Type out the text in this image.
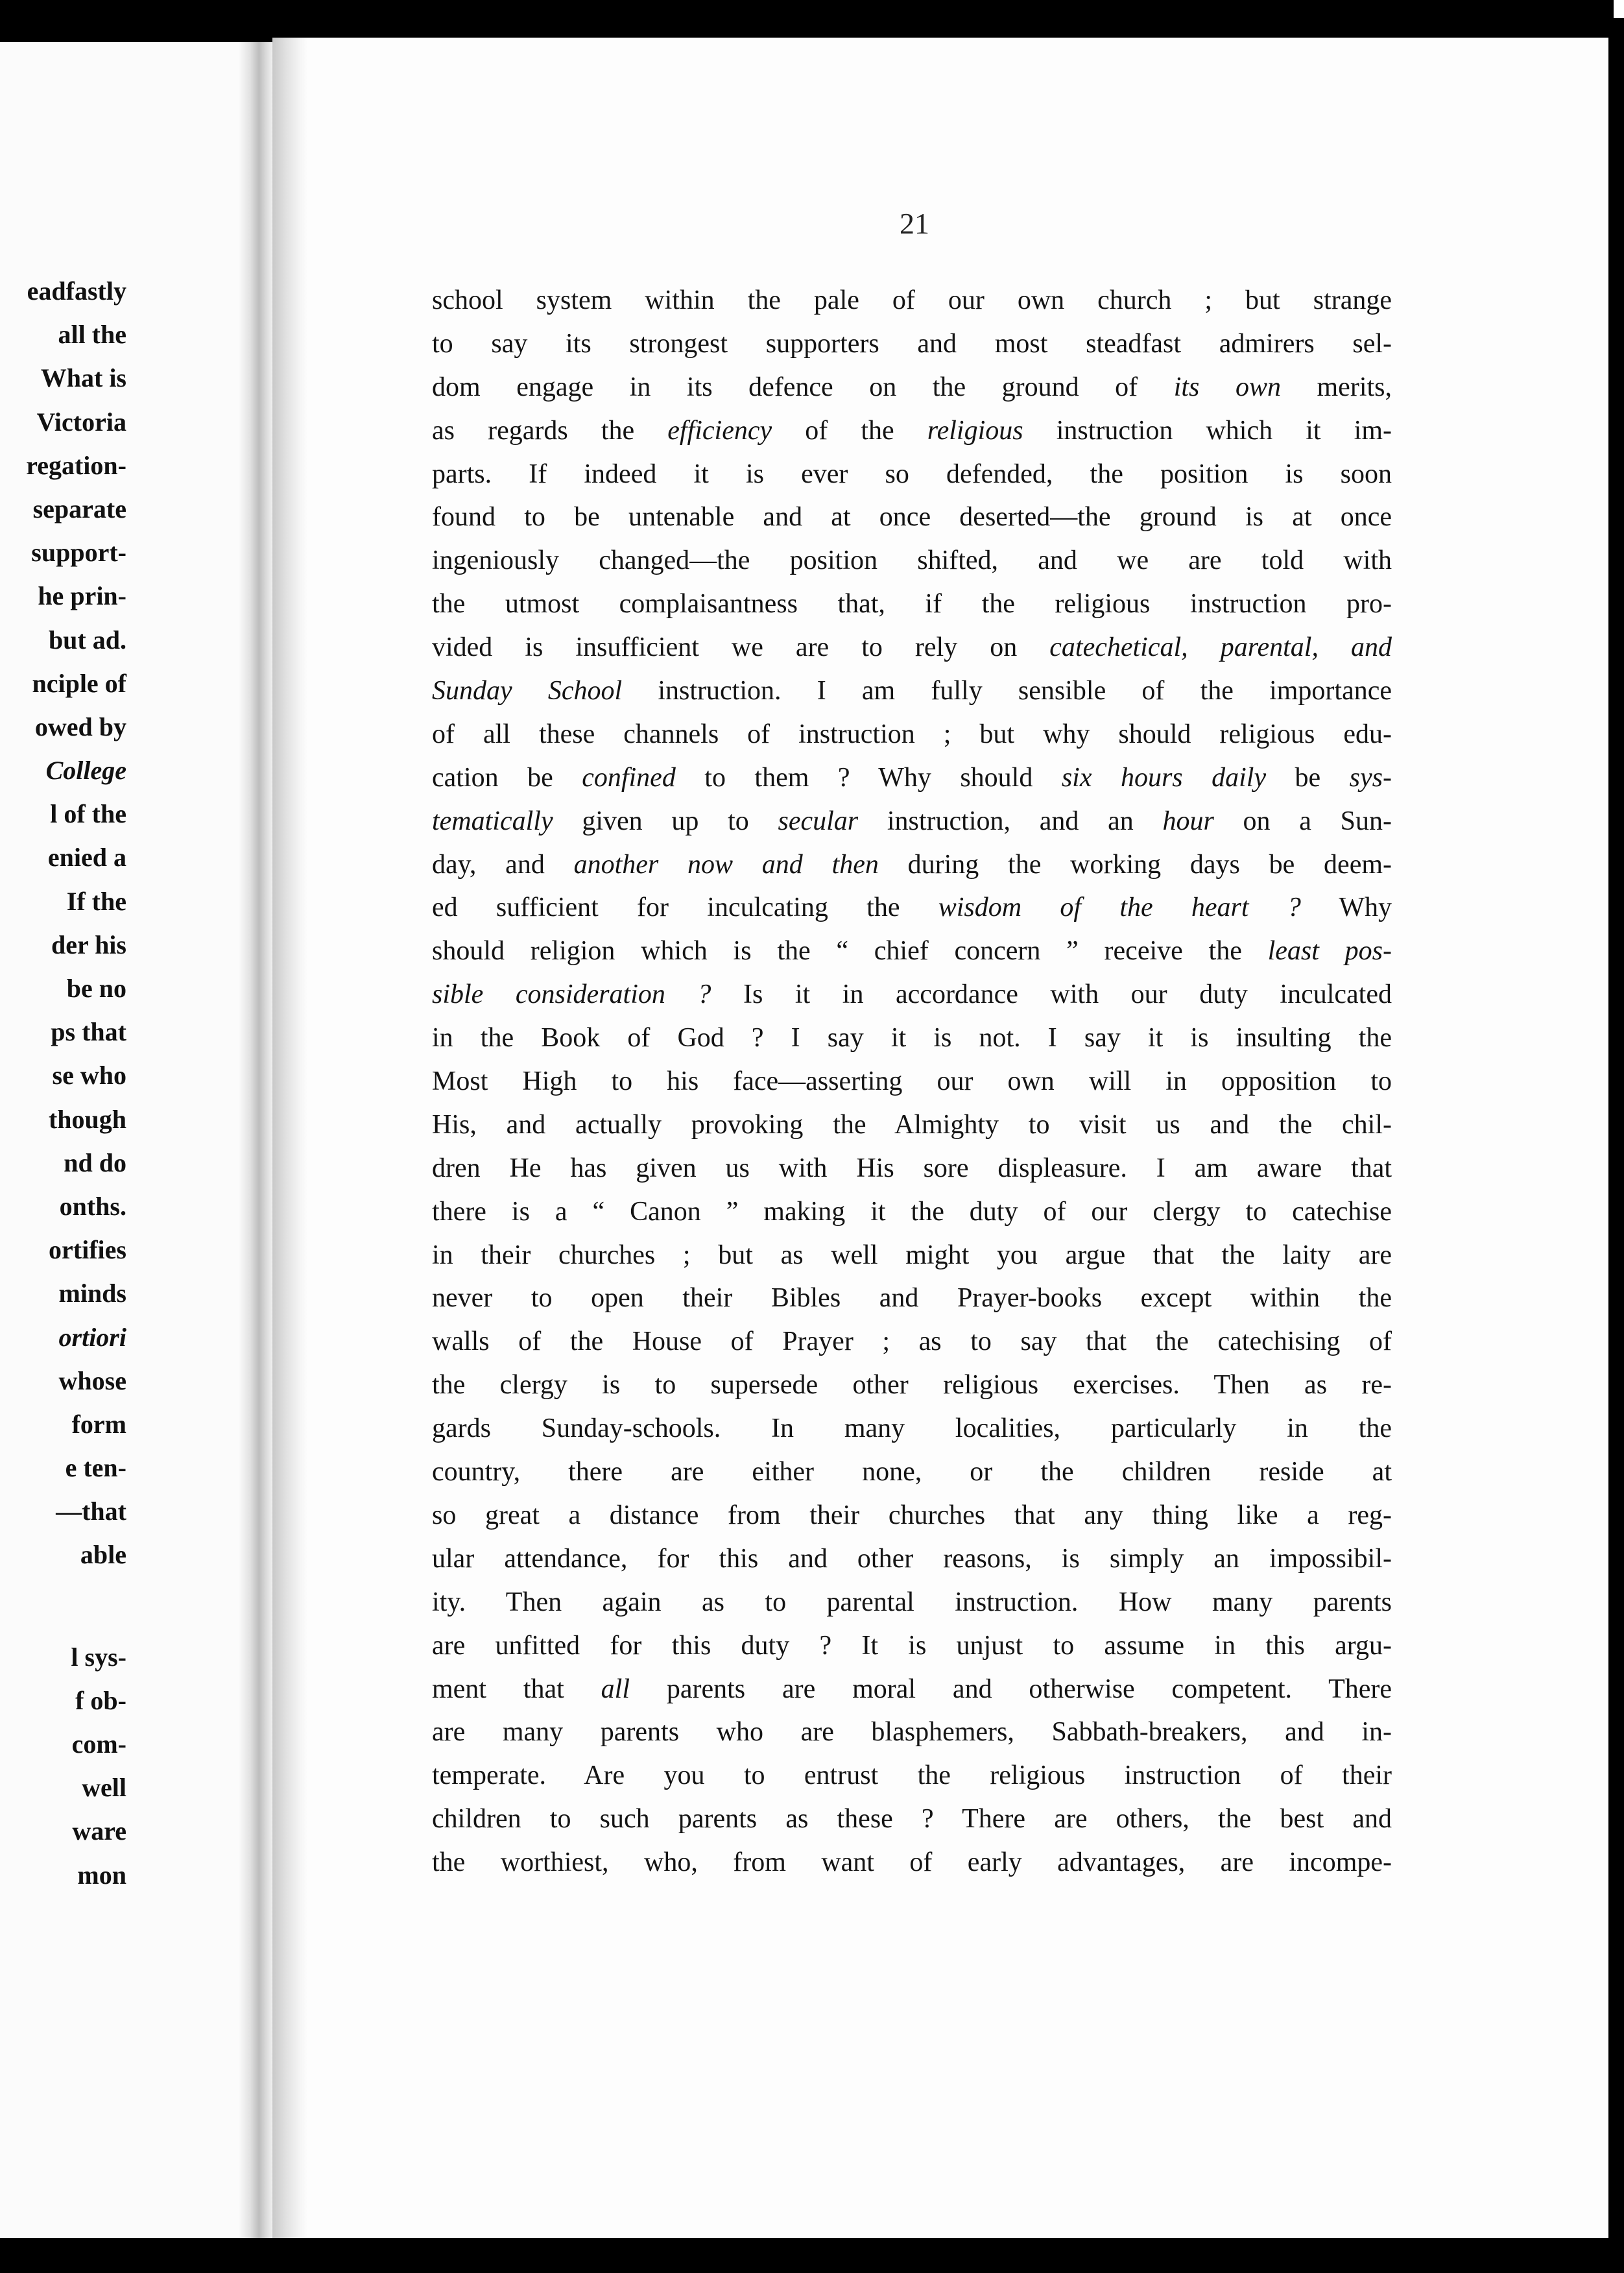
eadfastly
all the
What is
Victoria
regation-
separate
support-
he prin-
but ad.
nciple of
owed by
College
l of the
enied a
If the
der his
be no
ps that
se who
though
nd do
onths.
ortifies
minds
ortiori
whose
form
e ten-
—that
able
l sys-
f ob-
com-
well
ware
mon
21
school system within the pale of our own church ; but strange
to say its strongest supporters and most steadfast admirers sel-
dom engage in its defence on the ground of its own merits,
as regards the efficiency of the religious instruction which it im-
parts. If indeed it is ever so defended, the position is soon
found to be untenable and at once deserted—the ground is at once
ingeniously changed—the position shifted, and we are told with
the utmost complaisantness that, if the religious instruction pro-
vided is insufficient we are to rely on catechetical, parental, and
Sunday School instruction. I am fully sensible of the importance
of all these channels of instruction ; but why should religious edu-
cation be confined to them ? Why should six hours daily be sys-
tematically given up to secular instruction, and an hour on a Sun-
day, and another now and then during the working days be deem-
ed sufficient for inculcating the wisdom of the heart ? Why
should religion which is the “ chief concern ” receive the least pos-
sible consideration ? Is it in accordance with our duty inculcated
in the Book of God ? I say it is not. I say it is insulting the
Most High to his face—asserting our own will in opposition to
His, and actually provoking the Almighty to visit us and the chil-
dren He has given us with His sore displeasure. I am aware that
there is a “ Canon ” making it the duty of our clergy to catechise
in their churches ; but as well might you argue that the laity are
never to open their Bibles and Prayer-books except within the
walls of the House of Prayer ; as to say that the catechising of
the clergy is to supersede other religious exercises. Then as re-
gards Sunday-schools. In many localities, particularly in the
country, there are either none, or the children reside at
so great a distance from their churches that any thing like a reg-
ular attendance, for this and other reasons, is simply an impossibil-
ity. Then again as to parental instruction. How many parents
are unfitted for this duty ? It is unjust to assume in this argu-
ment that all parents are moral and otherwise competent. There
are many parents who are blasphemers, Sabbath-breakers, and in-
temperate. Are you to entrust the religious instruction of their
children to such parents as these ? There are others, the best and
the worthiest, who, from want of early advantages, are incompe-
